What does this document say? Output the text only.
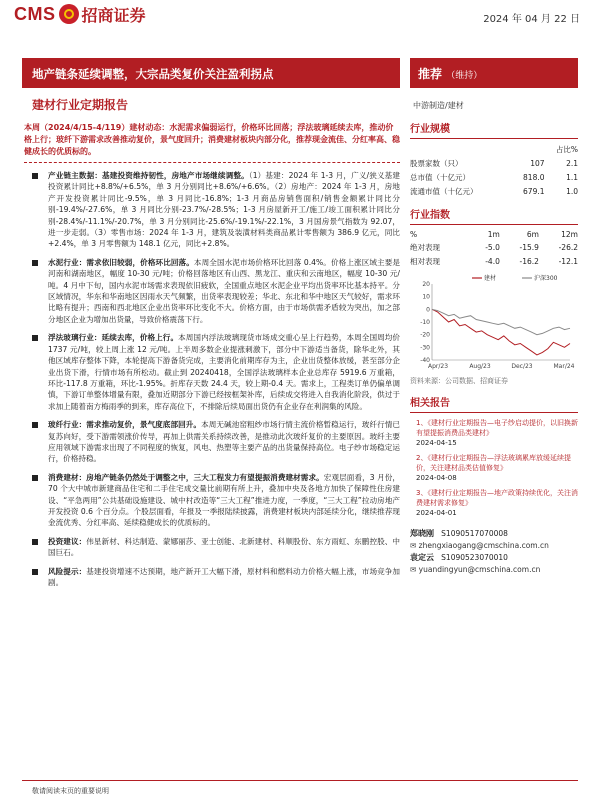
CMS 招商证券	2024 年 04 月 22 日
地产链条延续调整，大宗品类复价关注盈利拐点	推荐 （维持）
建材行业定期报告	中游制造/建材
本周（2024/4/15-4/119）建材动态：水泥需求偏弱运行，价格环比回落；浮法玻璃延续去库，推动价格上行；玻纤下游需求改善推动复价，景气度回升；消费建材板块内部分化，推荐现金流佳、分红率高、稳健成长的优质标的。
产业链主数据：基建投资维持韧性，房地产市场继续调整。（1）基建：2024 年 1-3 月，广义/狭义基建投资累计同比+8.8%/+6.5%，单 3 月分别同比+8.6%/+6.6%。（2）房地产：2024 年 1-3 月，房地产开发投资累计同比-9.5%，单 3 月同比-16.8%；1-3 月商品房销售面积/销售金额累计同比分别-19.4%/-27.6%，单 3 月同比分别-23.7%/-28.5%；1-3 月房屋新开工/施工/竣工面积累计同比分别-28.4%/-11.1%/-20.7%，单 3 月分别同比-25.6%/-19.1%/-22.1%，3 月国房景气指数为 92.07，进一步走弱。（3）零售市场：2024 年 1-3 月，建筑及装潢材料类商品累计零售额为 386.9 亿元，同比+2.4%，单 3 月零售额为 148.1 亿元，同比+2.8%。
水泥行业：需求依旧较弱，价格环比回落。本周全国水泥市场价格环比回落 0.4%。价格上涨区域主要是河南和湖南地区，幅度 10-30 元/吨；价格回落地区有山西、黑龙江、重庆和云南地区，幅度 10-30 元/吨。4 月中下旬，国内水泥市场需求表现依旧疲软，全国重点地区水泥企业平均出货率环比基本持平。分区域情况，华东和华南地区因雨水天气频繁，出货率表现较差；华北、东北和华中地区天气较好，需求环比略有提升；西南和西北地区企业出货率环比变化不大。价格方面，由于市场供需矛盾较为突出，加之部分地区企业为增加出货量，导致价格震荡下行。
浮法玻璃行业：延续去库，价格上行。本周国内浮法玻璃现货市场成交重心呈上行趋势，本周全国周均价 1737 元/吨，较上周上涨 12 元/吨。上半周多数企业提涨刺激下，部分中下游适当备货，除华北外，其他区域库存整体下降，本轮提高下游备货完成，主要消化前期库存为主，企业出货整体放缓，甚至部分企业出货下滑，行情市场有所松动。截止到 20240418，全国浮法玻璃样本企业总库存 5919.6 万重箱，环比-117.8 万重箱，环比-1.95%。折库存天数 24.4 天，较上期-0.4 天。需求上，工程类订单仍偏单调慎，下游订单整体增量有限，叠加近期部分下游已经按框架补库，后续成交将进入自我消化阶段，供过于求加上随着南方梅雨季的到来，库存高位下，不排除后续局面出货仍有企业存在利润集的风险。
玻纤行业：需求推动复价，景气度底部回升。本周无碱池窑粗纱市场行情主流价格暂稳运行，玻纤行情已复苏向好，受下游需领涨价传导，再加上供需关系持续改善，是推动此次玻纤复价的主要原因。玻纤主要应用领域下游需求出现了不同程度的恢复，风电、热塑等主要产品的出货量保持高位。电子纱市场稳定运行，价格持稳。
消费建材：房地产链条仍然处于调整之中，三大工程发力有望提振消费建材需求。宏观层面看，3 月份，70 个大中城市新建商品住宅和二手住宅成交量比前期有所上升，叠加中央及各地方加快了保障性住房建设、“平急两用”公共基础设施建设、城中村改造等“三大工程”推进力度，一季度，“三大工程”拉动房地产开发投资 0.6 个百分点。个股层面看，年报及一季报陆续披露，消费建材板块内部延续分化，继续推荐现金流优秀、分红率高、延续稳健成长的优质标的。
投资建议：伟星新材、科达制造、蒙娜丽莎、亚士创能、北新建材、科顺股份、东方雨虹、东鹏控股、中国巨石。
风险提示：基建投资增速不达预期，地产新开工大幅下滑，原材料和燃料动力价格大幅上涨，市场竞争加剧。
行业规模
		占比%
股票家数（只）	107	2.1
总市值（十亿元）	818.0	1.1
流通市值（十亿元）	679.1	1.0
行业指数
%	1m	6m	12m
绝对表现	-5.0	-15.9	-26.2
相对表现	-4.0	-16.2	-12.1
20
10
0
-10
-20
-30
-40
Apr/23	Aug/23	Dec/23	Mar/24
建材	沪深300
资料来源：公司数据、招商证券
相关报告
1、《建材行业定期报告—电子纱启动提价，以旧换新有望提振消费品类建材》
2024-04-15
2、《建材行业定期报告—浮法玻璃累库放缓延续提价，关注建材品类估值修复》
2024-04-08
3、《建材行业定期报告—地产政策持续优化，关注消费建材需求修复》
2024-04-01
郑晓刚 S1090517070008
✉ zhengxiaogang@cmschina.com.cn
袁定云 S1090523070010
✉ yuandingyun@cmschina.com.cn
敬请阅读末页的重要说明
